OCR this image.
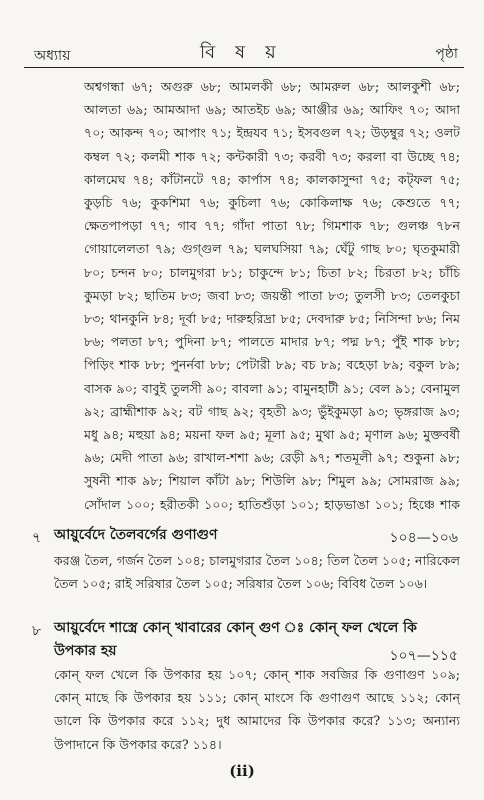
অধ্যায়	বিষয়	পৃষ্ঠা
অশ্বগন্ধা ৬৭; অগুরু ৬৮; আমলকী ৬৮; আমরুল ৬৮; আলকুশী ৬৮; আলতা ৬৯; আমআদা ৬৯; আতইচ ৬৯; আঞ্জীর ৬৯; আফিং ৭০; আদা ৭০; আকন্দ ৭০; আপাং ৭১; ইন্দ্রযব ৭১; ইসবগুল ৭২; উড়ম্বুর ৭২; ওলট কম্বল ৭২; কলমী শাক ৭২; কন্টকারী ৭৩; করবী ৭৩; করলা বা উচ্ছে ৭৪; কালমেঘ ৭৪; কাঁটানটে ৭৪; কার্পাস ৭৪; কালকাসুন্দা ৭৫; কট্‌ফল ৭৫; কুড়চি ৭৬; কুকশিমা ৭৬; কুচিলা ৭৬; কোকিলাক্ষ ৭৬; কেশুতে ৭৭; ক্ষেতপাপড়া ৭৭; গাব ৭৭; গাঁদা পাতা ৭৮; গিমশাক ৭৮; গুলঞ্চ ৭৮ন গোয়ালেলতা ৭৯; গুগ্গুল ৭৯; ঘলঘসিয়া ৭৯; ঘেঁটু গাছ ৮০; ঘৃতকুমারী ৮০; চন্দন ৮০; চালমুগরা ৮১; চাকুন্দে ৮১; চিতা ৮২; চিরতা ৮২; চাঁচি কুমড়া ৮২; ছাতিম ৮৩; জবা ৮৩; জয়ন্তী পাতা ৮৩; তুলসী ৮৩; তেলকুচা ৮৩; থানকুনি ৮৪; দূর্বা ৮৫; দারুহরিদ্রা ৮৫; দেবদারু ৮৫; নিসিন্দা ৮৬; নিম ৮৬; পলতা ৮৭; পুদিনা ৮৭; পালতে মাদার ৮৭; পদ্ম ৮৭; পুঁই শাক ৮৮; পিড়িং শাক ৮৮; পুনর্নবা ৮৮; পেটারী ৮৯; বচ ৮৯; বহেড়া ৮৯; বকুল ৮৯; বাসক ৯০; বাবুই তুলসী ৯০; বাবলা ৯১; বামুনহাটী ৯১; বেল ৯১; বেনামুল ৯২; ব্রাহ্মীশাক ৯২; বট গাছ ৯২; বৃহতী ৯৩; ভুঁইকুমড়া ৯৩; ভৃঙ্গরাজ ৯৩; মধু ৯৪; মহুয়া ৯৪; ময়না ফল ৯৫; মূলা ৯৫; মুথা ৯৫; মৃণাল ৯৬; মুক্তবর্ষী ৯৬; মেদী পাতা ৯৬; রাখাল-শশা ৯৬; রেড়ী ৯৭; শতমূলী ৯৭; শুকুনা ৯৮; সুষনী শাক ৯৮; শিয়াল কাঁটা ৯৮; শিউলি ৯৮; শিমুল ৯৯; সোমরাজ ৯৯; সোঁদাল ১০০; হরীতকী ১০০; হাতিশুঁড়া ১০১; হাড়ভাঙা ১০১; হিঞ্চে শাক
৭ আয়ুর্বেদে তৈলবর্গের গুণাগুণ	১০৪—১০৬
করঞ্জ তৈল, গর্জন তৈল ১০৪; চালমুগরার তৈল ১০৪; তিল তৈল ১০৫; নারিকেল তৈল ১০৫; রাই সরিষার তৈল ১০৫; সরিষার তৈল ১০৬; বিবিধ তৈল ১০৬।
৮ আয়ুর্বেদে শাস্ত্রে কোন্ খাবারের কোন্ গুণ ঃ কোন্ ফল খেলে কি উপকার হয়	১০৭—১১৫
কোন্ ফল খেলে কি উপকার হয় ১০৭; কোন্ শাক সবজির কি গুণাগুণ ১০৯; কোন্ মাছে কি উপকার হয় ১১১; কোন্ মাংসে কি গুণাগুণ আছে ১১২; কোন্ ডালে কি উপকার করে ১১২; দুধ আমাদের কি উপকার করে? ১১৩; অন্যান্য উপাদানে কি উপকার করে? ১১৪।
(ii)
